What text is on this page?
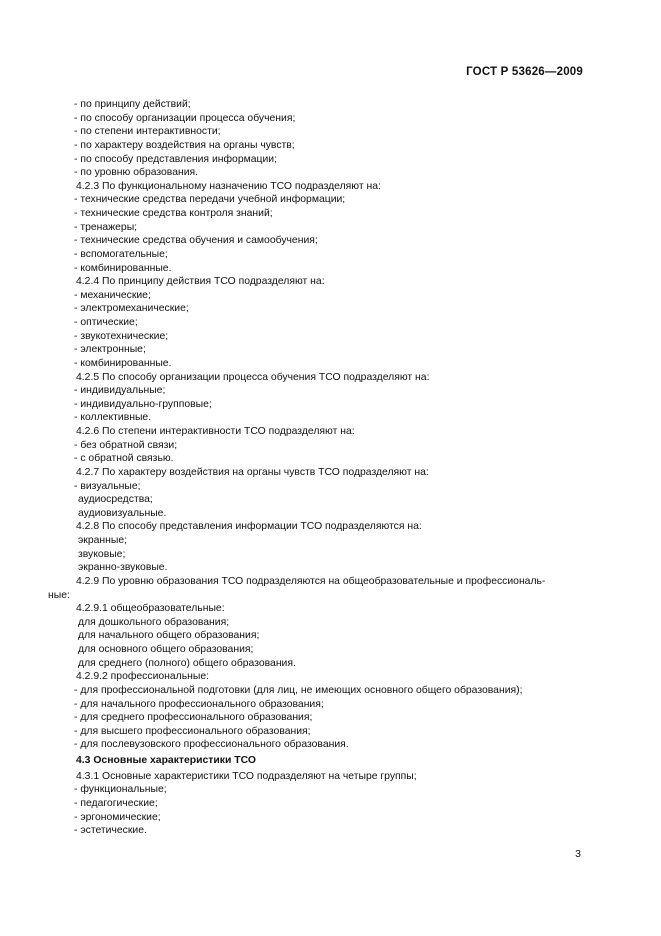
ГОСТ Р 53626—2009
- по принципу действий;
- по способу организации процесса обучения;
- по степени интерактивности;
- по характеру воздействия на органы чувств;
- по способу представления информации;
- по уровню образования.
4.2.3 По функциональному назначению ТСО подразделяют на:
- технические средства передачи учебной информации;
- технические средства контроля знаний;
- тренажеры;
- технические средства обучения и самообучения;
- вспомогательные;
- комбинированные.
4.2.4 По принципу действия ТСО подразделяют на:
- механические;
- электромеханические;
- оптические;
- звукотехнические;
- электронные;
- комбинированные.
4.2.5 По способу организации процесса обучения ТСО подразделяют на:
- индивидуальные;
- индивидуально-групповые;
- коллективные.
4.2.6 По степени интерактивности ТСО подразделяют на:
- без обратной связи;
- с обратной связью.
4.2.7 По характеру воздействия на органы чувств ТСО подразделяют на:
- визуальные;
аудиосредства;
аудиовизуальные.
4.2.8 По способу представления информации ТСО подразделяются на:
экранные;
звуковые;
экранно-звуковые.
4.2.9 По уровню образования ТСО подразделяются на общеобразовательные и профессиональ-
ные:
4.2.9.1 общеобразовательные:
для дошкольного образования;
для начального общего образования;
для основного общего образования;
для среднего (полного) общего образования.
4.2.9.2 профессиональные:
- для профессиональной подготовки (для лиц, не имеющих основного общего образования);
- для начального профессионального образования;
- для среднего профессионального образования;
- для высшего профессионального образования;
- для послевузовского профессионального образования.
4.3 Основные характеристики ТСО
4.3.1 Основные характеристики ТСО подразделяют на четыре группы;
- функциональные;
- педагогические;
- эргономические;
- эстетические.
3
